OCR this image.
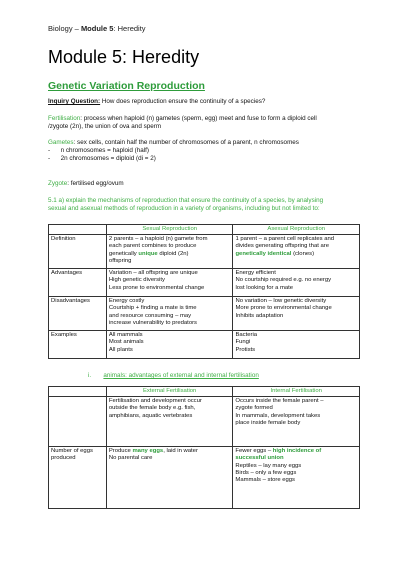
Biology – Module 5: Heredity
Module 5: Heredity
Genetic Variation Reproduction
Inquiry Question: How does reproduction ensure the continuity of a species?
Fertilisation: process when haploid (n) gametes (sperm, egg) meet and fuse to form a diploid cell
/zygote (2n), the union of ova and sperm
Gametes: sex cells, contain half the number of chromosomes of a parent, n chromosomes
-      n chromosomes = haploid (half)
-      2n chromosomes = diploid (di = 2)
Zygote: fertilised egg/ovum
5.1 a) explain the mechanisms of reproduction that ensure the continuity of a species, by analysing
sexual and asexual methods of reproduction in a variety of organisms, including but not limited to:
	Sexual Reproduction	Asexual Reproduction
Definition	2 parents – a haploid (n) gamete from
each parent combines to produce
genetically unique diploid (2n)
offspring	1 parent – a parent cell replicates and
divides generating offspring that are
genetically identical (clones)

Advantages	Variation – all offspring are unique
High genetic diversity
Less prone to environmental change	Energy efficient
No courtship required e.g. no energy
lost looking for a mate

Disadvantages	Energy costly
Courtship + finding a mate is time
and resource consuming – may
increase vulnerability to predators	No variation – low genetic diversity
More prone to environmental change
Inhibits adaptation

Examples	All mammals
Most animals
All plants	Bacteria
Fungi
Protists
i. animals: advantages of external and internal fertilisation
	External Fertilisation	Internal Fertilisation

	Fertilisation and development occur
outside the female body e.g. fish,
amphibians, aquatic vertebrates	Occurs inside the female parent –
zygote formed
In mammals, development takes
place inside female body

Number of eggs produced	Produce many eggs, laid in water
No parental care	Fewer eggs – high incidence of
successful union
Reptiles – lay many eggs
Birds – only a few eggs
Mammals – store eggs
